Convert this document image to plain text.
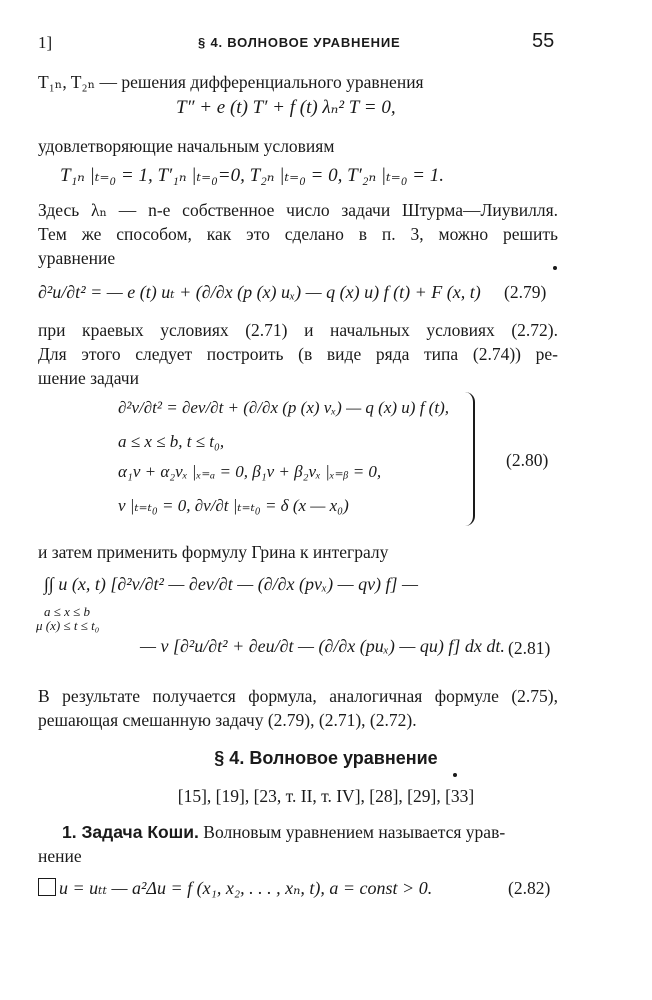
1]	§ 4. ВОЛНОВОЕ УРАВНЕНИЕ	55
T₁ₙ, T₂ₙ — решения дифференциального уравнения
T″ + e (t) T′ + f (t) λₙ² T = 0,
удовлетворяющие начальным условиям
T₁ₙ |ₜ₌₀ = 1, T′₁ₙ |ₜ₌₀=0, T₂ₙ |ₜ₌₀ = 0, T′₂ₙ |ₜ₌₀ = 1.
Здесь λₙ — n-е собственное число задачи Штурма—Лиувилля.
Тем же способом, как это сделано в п. 3, можно решить
уравнение
∂²u/∂t² = — e (t) uₜ + (∂/∂x (p (x) uₓ) — q (x) u) f (t) + F (x, t) (2.79)
при краевых условиях (2.71) и начальных условиях (2.72).
Для этого следует построить (в виде ряда типа (2.74)) ре-
шение задачи
∂²v/∂t² = ∂ev/∂t + (∂/∂x (p (x) vₓ) — q (x) u) f (t),
a ≤ x ≤ b, t ≤ t₀,
α₁v + α₂vₓ |ₓ₌ₐ = 0, β₁v + β₂vₓ |ₓ₌ᵦ = 0,
v |ₜ₌ₜ₀ = 0, ∂v/∂t |ₜ₌ₜ₀ = δ (x — x₀)
(2.80)
и затем применить формулу Грина к интегралу
∫∫ u (x, t) [∂²v/∂t² — ∂ev/∂t — (∂/∂x (pvₓ) — qv) f] —
a ≤ x ≤ b
μ (x) ≤ t ≤ t₀
— v [∂²u/∂t² + ∂eu/∂t — (∂/∂x (puₓ) — qu) f] dx dt. (2.81)
В результате получается формула, аналогичная формуле (2.75),
решающая смешанную задачу (2.79), (2.71), (2.72).
§ 4. Волновое уравнение
[15], [19], [23, т. II, т. IV], [28], [29], [33]
1. Задача Коши. Волновым уравнением называется урав-
нение
u = uₜₜ — a²Δu = f (x₁, x₂, . . . , xₙ, t), a = const > 0.	(2.82)
